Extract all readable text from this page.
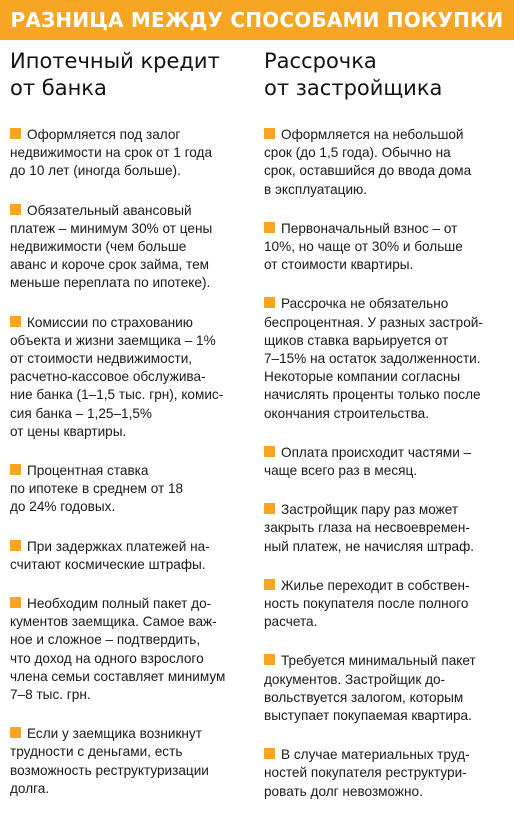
РАЗНИЦА МЕЖДУ СПОСОБАМИ ПОКУПКИ
Ипотечный кредит
от банка
Оформляется под залог
недвижимости на срок от 1 года
до 10 лет (иногда больше).
Обязательный авансовый
платеж – минимум 30% от цены
недвижимости (чем больше
аванс и короче срок займа, тем
меньше переплата по ипотеке).
Комиссии по страхованию
объекта и жизни заемщика – 1%
от стоимости недвижимости,
расчетно-кассовое обслужива-
ние банка (1–1,5 тыс. грн), комис-
сия банка – 1,25–1,5%
от цены квартиры.
Процентная ставка
по ипотеке в среднем от 18
до 24% годовых.
При задержках платежей на-
считают космические штрафы.
Необходим полный пакет до-
кументов заемщика. Самое важ-
ное и сложное – подтвердить,
что доход на одного взрослого
члена семьи составляет минимум
7–8 тыс. грн.
Если у заемщика возникнут
трудности с деньгами, есть
возможность реструктуризации
долга.
Рассрочка
от застройщика
Оформляется на небольшой
срок (до 1,5 года). Обычно на
срок, оставшийся до ввода дома
в эксплуатацию.
Первоначальный взнос – от
10%, но чаще от 30% и больше
от стоимости квартиры.
Рассрочка не обязательно
беспроцентная. У разных застрой-
щиков ставка варьируется от
7–15% на остаток задолженности.
Некоторые компании согласны
начислять проценты только после
окончания строительства.
Оплата происходит частями –
чаще всего раз в месяц.
Застройщик пару раз может
закрыть глаза на несвоевремен-
ный платеж, не начисляя штраф.
Жилье переходит в собствен-
ность покупателя после полного
расчета.
Требуется минимальный пакет
документов. Застройщик до-
вольствуется залогом, которым
выступает покупаемая квартира.
В случае материальных труд-
ностей покупателя реструктури-
ровать долг невозможно.
